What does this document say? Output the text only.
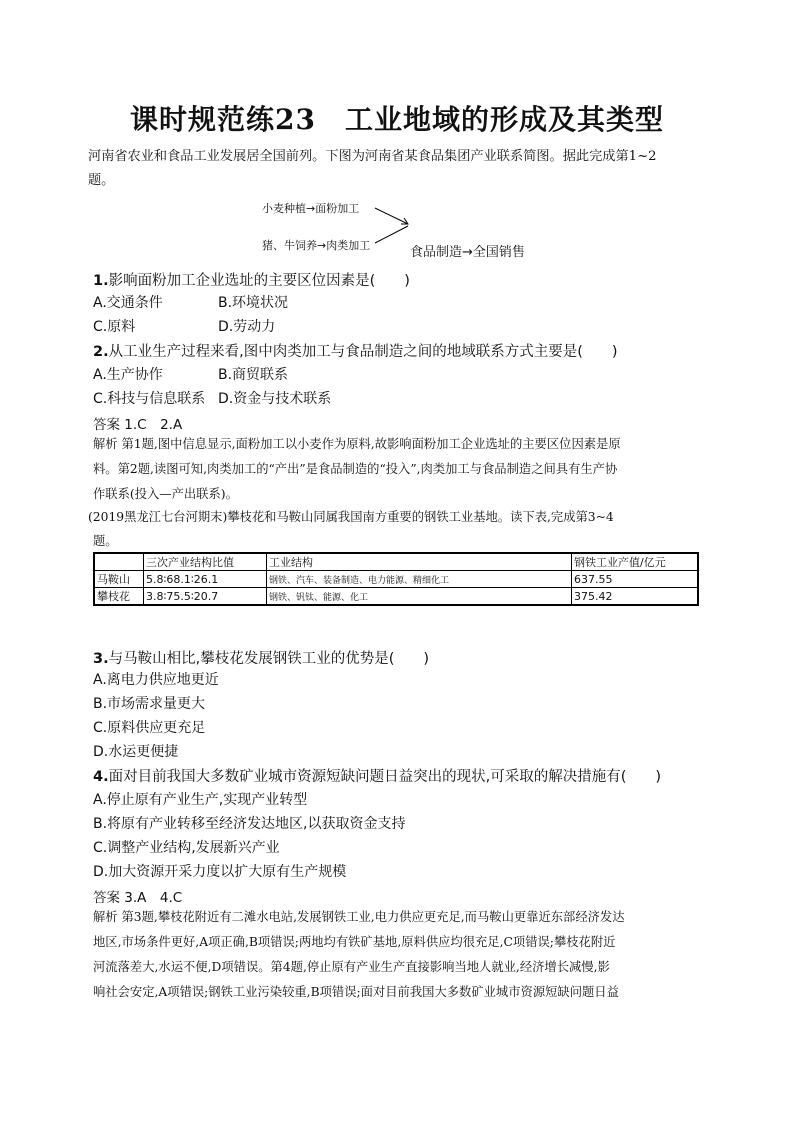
课时规范练23　工业地域的形成及其类型
河南省农业和食品工业发展居全国前列。下图为河南省某食品集团产业联系简图。据此完成第1~2
题。
小麦种植→面粉加工
猪、牛饲养→肉类加工	食品制造→全国销售
1.影响面粉加工企业选址的主要区位因素是(　　)
A.交通条件	B.环境状况
C.原料	D.劳动力
2.从工业生产过程来看,图中肉类加工与食品制造之间的地域联系方式主要是(　　)
A.生产协作	B.商贸联系
C.科技与信息联系 D.资金与技术联系
答案 1.C　2.A
解析 第1题,图中信息显示,面粉加工以小麦作为原料,故影响面粉加工企业选址的主要区位因素是原
料。第2题,读图可知,肉类加工的“产出”是食品制造的“投入”,肉类加工与食品制造之间具有生产协
作联系(投入—产出联系)。
(2019黑龙江七台河期末)攀枝花和马鞍山同属我国南方重要的钢铁工业基地。读下表,完成第3~4
题。
	三次产业结构比值	工业结构	钢铁工业产值/亿元
马鞍山	5.8∶68.1∶26.1	钢铁、汽车、装备制造、电力能源、精细化工	637.55
攀枝花	3.8∶75.5∶20.7	钢铁、钒钛、能源、化工	375.42
3.与马鞍山相比,攀枝花发展钢铁工业的优势是(　　)
A.离电力供应地更近
B.市场需求量更大
C.原料供应更充足
D.水运更便捷
4.面对目前我国大多数矿业城市资源短缺问题日益突出的现状,可采取的解决措施有(　　)
A.停止原有产业生产,实现产业转型
B.将原有产业转移至经济发达地区,以获取资金支持
C.调整产业结构,发展新兴产业
D.加大资源开采力度以扩大原有生产规模
答案 3.A　4.C
解析 第3题,攀枝花附近有二滩水电站,发展钢铁工业,电力供应更充足,而马鞍山更靠近东部经济发达
地区,市场条件更好,A项正确,B项错误;两地均有铁矿基地,原料供应均很充足,C项错误;攀枝花附近
河流落差大,水运不便,D项错误。第4题,停止原有产业生产直接影响当地人就业,经济增长减慢,影
响社会安定,A项错误;钢铁工业污染较重,B项错误;面对目前我国大多数矿业城市资源短缺问题日益
